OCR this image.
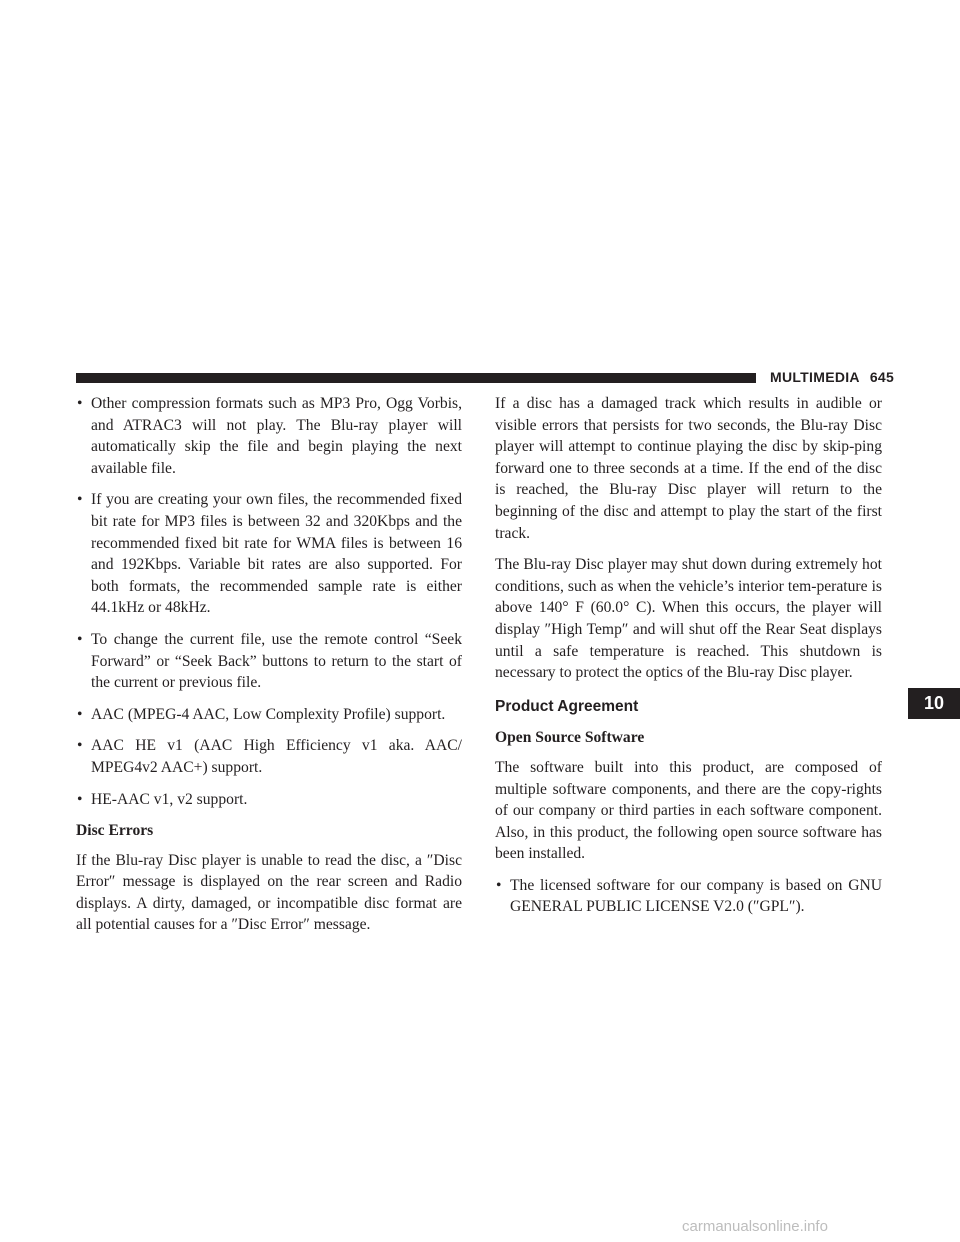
MULTIMEDIA 645
• Other compression formats such as MP3 Pro, Ogg Vorbis, and ATRAC3 will not play. The Blu-ray player will automatically skip the file and begin playing the next available file.
• If you are creating your own files, the recommended fixed bit rate for MP3 files is between 32 and 320Kbps and the recommended fixed bit rate for WMA files is between 16 and 192Kbps. Variable bit rates are also supported. For both formats, the recommended sample rate is either 44.1kHz or 48kHz.
• To change the current file, use the remote control “Seek Forward” or “Seek Back” buttons to return to the start of the current or previous file.
• AAC (MPEG-4 AAC, Low Complexity Profile) support.
• AAC HE v1 (AAC High Efficiency v1 aka. AAC/ MPEG4v2 AAC+) support.
• HE-AAC v1, v2 support.
Disc Errors

If the Blu-ray Disc player is unable to read the disc, a ″Disc Error″ message is displayed on the rear screen and Radio displays. A dirty, damaged, or incompatible disc format are all potential causes for a ″Disc Error″ message.

If a disc has a damaged track which results in audible or visible errors that persists for two seconds, the Blu-ray Disc player will attempt to continue playing the disc by skip-ping forward one to three seconds at a time. If the end of the disc is reached, the Blu-ray Disc player will return to the beginning of the disc and attempt to play the start of the first track.

The Blu-ray Disc player may shut down during extremely hot conditions, such as when the vehicle’s interior tem-perature is above 140° F (60.0° C). When this occurs, the player will display ″High Temp″ and will shut off the Rear Seat displays until a safe temperature is reached. This shutdown is necessary to protect the optics of the Blu-ray Disc player.

Product Agreement
Open Source Software

The software built into this product, are composed of multiple software components, and there are the copy-rights of our company or third parties in each software component. Also, in this product, the following open source software has been installed.

• The licensed software for our company is based on GNU GENERAL PUBLIC LICENSE V2.0 (″GPL″).
10
carmanualsonline.info
